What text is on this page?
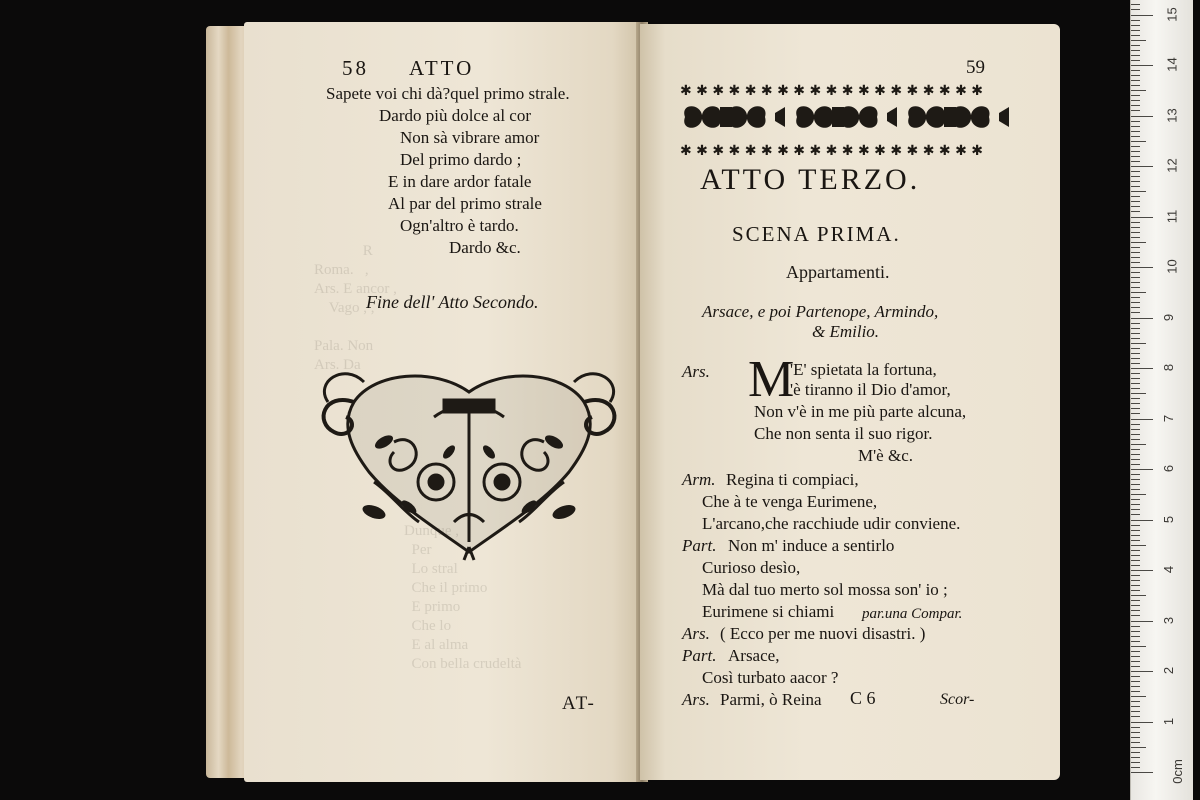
R
Roma.   ,
Ars. E ancor ,
Vago , ,

Pala. Non
Ars. Da

Dunque ,
Per
Lo stral
Che il primo
E primo
Che lo
E al alma
Con bella crudeltà
58 ATTO
Sapete voi chi dà?quel primo strale.
Dardo più dolce al cor
Non sà vibrare amor
Del primo dardo ;
E in dare ardor fatale
Al par del primo strale
Ogn'altro è tardo.
Dardo &c.
Fine dell' Atto Secondo.
AT-
59
✱ ✱ ✱ ✱ ✱ ✱ ✱ ✱ ✱ ✱ ✱ ✱ ✱ ✱ ✱ ✱ ✱ ✱ ✱
✱ ✱ ✱ ✱ ✱ ✱ ✱ ✱ ✱ ✱ ✱ ✱ ✱ ✱ ✱ ✱ ✱ ✱ ✱
ATTO TERZO.
SCENA PRIMA.
Appartamenti.
Arsace, e poi Partenope, Armindo,
& Emilio.
Ars. M
'E' spietata la fortuna,
'è tiranno il Dio d'amor,
Non v'è in me più parte alcuna,
Che non senta il suo rigor.
M'è &c.
Arm. Regina ti compiaci,
Che à te venga Eurimene,
L'arcano,che racchiude udir conviene.
Part. Non m' induce a sentirlo
Curioso desìo,
Mà dal tuo merto sol mossa son' io ;
Eurimene si chiami par.una Compar.
Ars. ( Ecco per me nuovi disastri. )
Part. Arsace,
Così turbato aacor ?
Ars. Parmi, ò Reina C 6	Scor-
0cm
1
2
3
4
5
6
7
8
9
10
11
12
13
14
15
